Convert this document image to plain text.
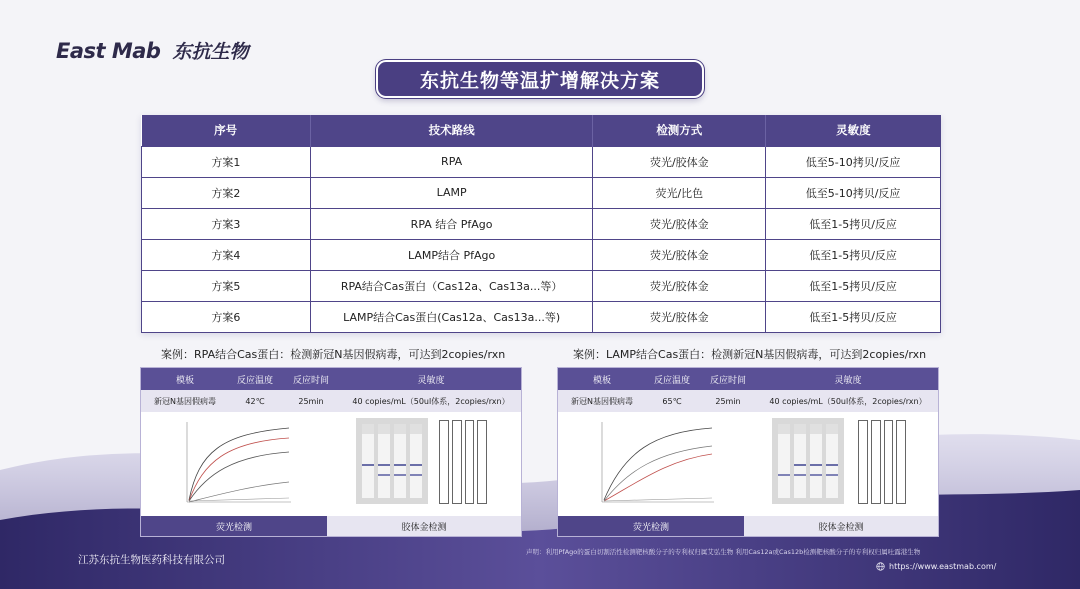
East Mab 东抗生物
东抗生物等温扩增解决方案
序号	技术路线	检测方式	灵敏度
方案1	RPA	荧光/胶体金	低至5-10拷贝/反应
方案2	LAMP	荧光/比色	低至5-10拷贝/反应
方案3	RPA 结合 PfAgo	荧光/胶体金	低至1-5拷贝/反应
方案4	LAMP结合 PfAgo	荧光/胶体金	低至1-5拷贝/反应
方案5	RPA结合Cas蛋白（Cas12a、Cas13a...等）	荧光/胶体金	低至1-5拷贝/反应
方案6	LAMP结合Cas蛋白(Cas12a、Cas13a...等)	荧光/胶体金	低至1-5拷贝/反应
案例：RPA结合Cas蛋白：检测新冠N基因假病毒，可达到2copies/rxn
模板	反应温度	反应时间	灵敏度
新冠N基因假病毒	42℃	25min	40 copies/mL（50ul体系，2copies/rxn）
荧光检测	胶体金检测
案例：LAMP结合Cas蛋白：检测新冠N基因假病毒，可达到2copies/rxn
模板	反应温度	反应时间	灵敏度
新冠N基因假病毒	65℃	25min	40 copies/mL（50ul体系，2copies/rxn）
荧光检测	胶体金检测
江苏东抗生物医药科技有限公司
声明：利用PfAgo的蛋白切割活性检测靶核酸分子的专利权归属艾弘生物 利用Cas12a或Cas12b检测靶核酸分子的专利权归属吐露港生物
https://www.eastmab.com/
